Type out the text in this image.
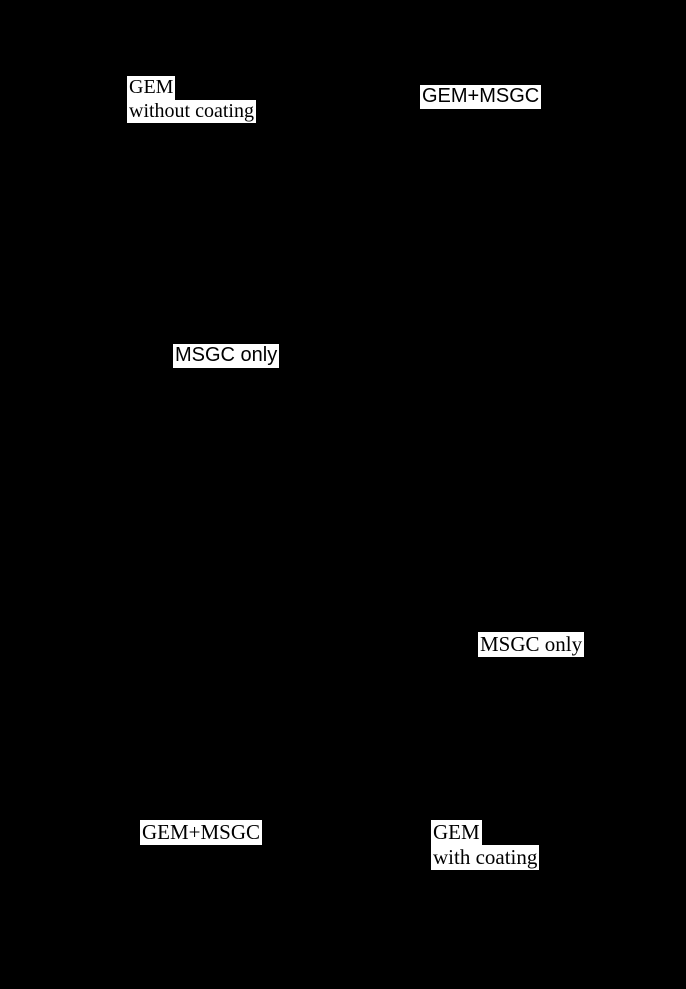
GEM
without coating
GEM+MSGC
MSGC only
MSGC only
GEM+MSGC	GEM
with coating
